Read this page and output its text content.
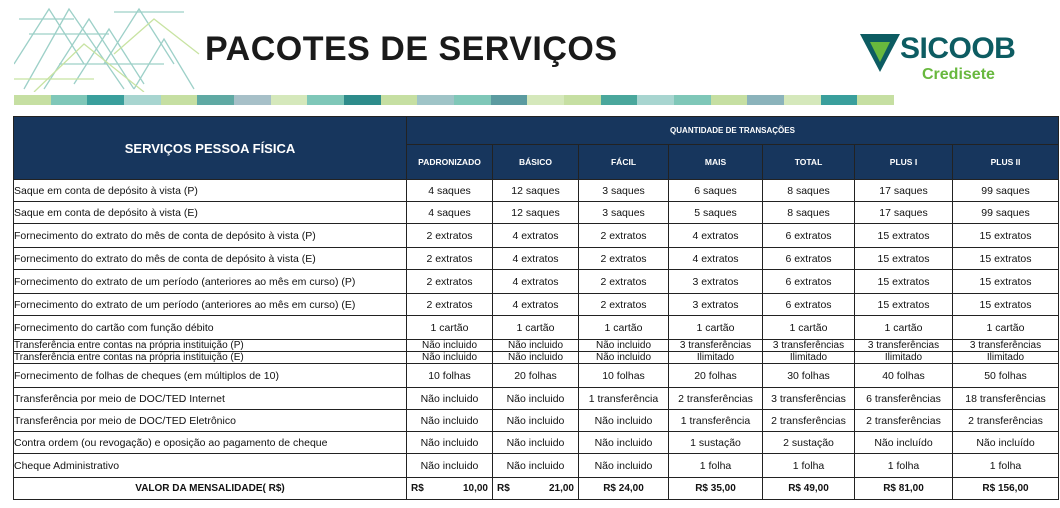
PACOTES DE SERVIÇOS	SICOOB
Credisete
SERVIÇOS PESSOA FÍSICA	QUANTIDADE DE TRANSAÇÕES						
	PADRONIZADO	BÁSICO	FÁCIL	MAIS	TOTAL	PLUS I	PLUS II
Saque em conta de depósito à vista (P)	4 saques	12 saques	3 saques	6 saques	8 saques	17 saques	99 saques
Saque em conta de depósito à vista (E)	4 saques	12 saques	3 saques	5 saques	8 saques	17 saques	99 saques
Fornecimento do extrato do mês de conta de depósito à vista (P)	2 extratos	4 extratos	2 extratos	4 extratos	6 extratos	15 extratos	15 extratos
Fornecimento do extrato do mês de conta de depósito à vista (E)	2 extratos	4 extratos	2 extratos	4 extratos	6 extratos	15 extratos	15 extratos
Fornecimento do extrato de um período (anteriores ao mês em curso) (P)	2 extratos	4 extratos	2 extratos	3 extratos	6 extratos	15 extratos	15 extratos
Fornecimento do extrato de um período (anteriores ao mês em curso) (E)	2 extratos	4 extratos	2 extratos	3 extratos	6 extratos	15 extratos	15 extratos
Fornecimento do cartão com função débito	1 cartão	1 cartão	1 cartão	1 cartão	1 cartão	1 cartão	1 cartão
Transferência entre contas na própria instituição (P)	Não incluido	Não incluido	Não incluido	3 transferências	3 transferências	3 transferências	3 transferências
Transferência entre contas na própria instituição (E)	Não incluido	Não incluido	Não incluido	Ilimitado	Ilimitado	Ilimitado	Ilimitado
Fornecimento de folhas de cheques (em múltiplos de 10)	10 folhas	20 folhas	10 folhas	20 folhas	30 folhas	40 folhas	50 folhas
Transferência por meio de DOC/TED Internet	Não incluido	Não incluido	1 transferência	2 transferências	3 transferências	6 transferências	18 transferências
Transferência por meio de DOC/TED Eletrônico	Não incluido	Não incluido	Não incluido	1 transferência	2 transferências	2 transferências	2 transferências
Contra ordem (ou revogação) e oposição ao pagamento de cheque	Não incluido	Não incluido	Não incluido	1 sustação	2 sustação	Não incluído	Não incluído
Cheque Administrativo	Não incluido	Não incluido	Não incluido	1 folha	1 folha	1 folha	1 folha
VALOR DA MENSALIDADE( R$)	R$ 10,00	R$ 21,00	R$ 24,00	R$ 35,00	R$ 49,00	R$ 81,00	R$ 156,00
